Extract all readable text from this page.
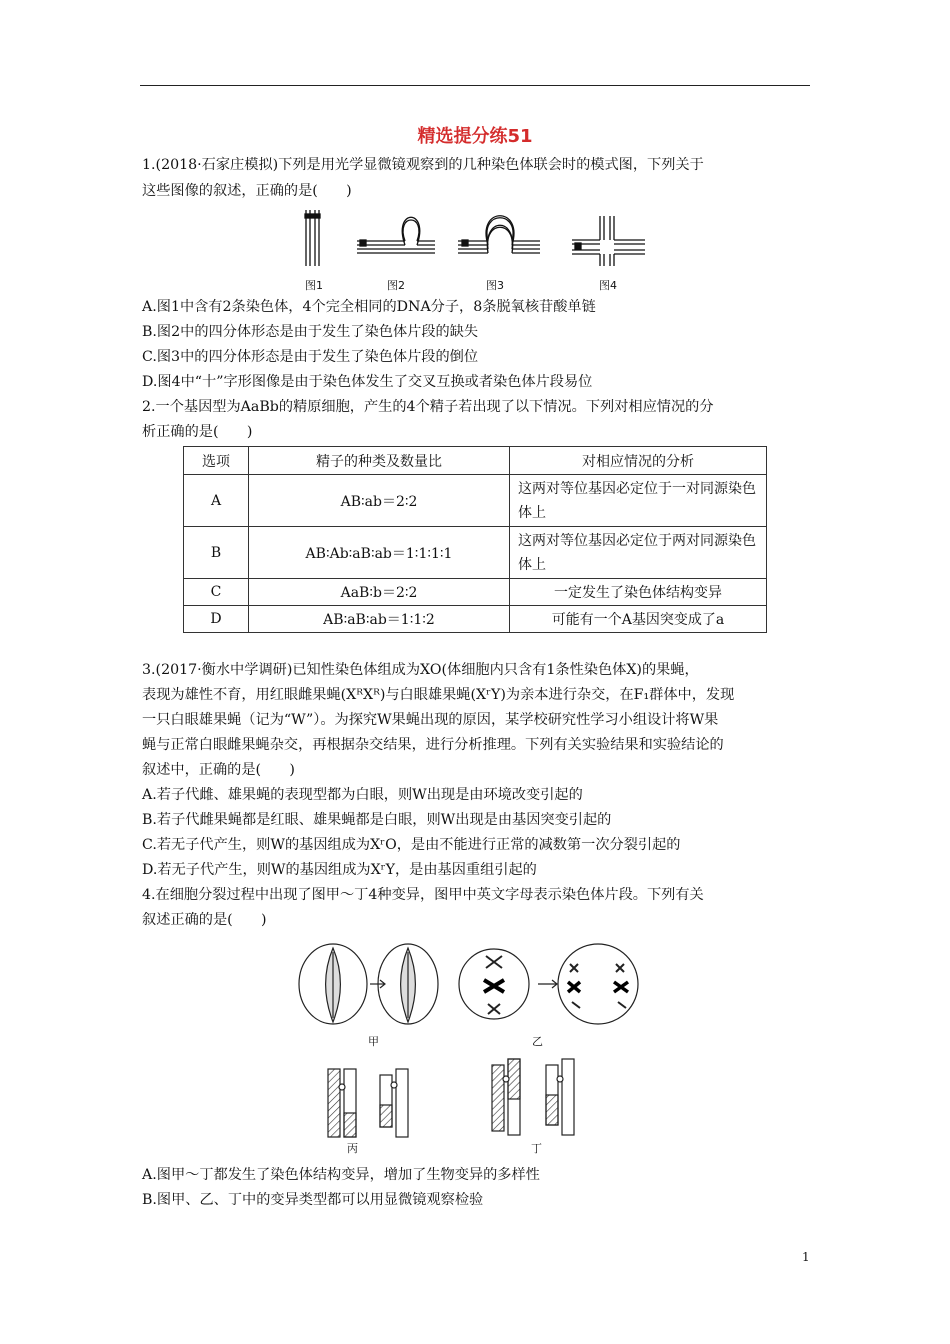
精选提分练51
1.(2018·石家庄模拟)下列是用光学显微镜观察到的几种染色体联会时的模式图，下列关于
这些图像的叙述，正确的是(　　)
图1	图2	图3	图4
A.图1中含有2条染色体，4个完全相同的DNA分子，8条脱氧核苷酸单链
B.图2中的四分体形态是由于发生了染色体片段的缺失
C.图3中的四分体形态是由于发生了染色体片段的倒位
D.图4中“十”字形图像是由于染色体发生了交叉互换或者染色体片段易位
2.一个基因型为AaBb的精原细胞，产生的4个精子若出现了以下情况。下列对相应情况的分
析正确的是(　　)
选项	精子的种类及数量比	对相应情况的分析
A	AB∶ab＝2∶2	这两对等位基因必定位于一对同源染色体上
B	AB∶Ab∶aB∶ab＝1∶1∶1∶1	这两对等位基因必定位于两对同源染色体上
C	AaB∶b＝2∶2	一定发生了染色体结构变异
D	AB∶aB∶ab＝1∶1∶2	可能有一个A基因突变成了a
3.(2017·衡水中学调研)已知性染色体组成为XO(体细胞内只含有1条性染色体X)的果蝇，
表现为雄性不育，用红眼雌果蝇(XᴿXᴿ)与白眼雄果蝇(XʳY)为亲本进行杂交，在F₁群体中，发现
一只白眼雄果蝇（记为“W”）。为探究W果蝇出现的原因，某学校研究性学习小组设计将W果
蝇与正常白眼雌果蝇杂交，再根据杂交结果，进行分析推理。下列有关实验结果和实验结论的
叙述中，正确的是(　　)
A.若子代雌、雄果蝇的表现型都为白眼，则W出现是由环境改变引起的
B.若子代雌果蝇都是红眼、雄果蝇都是白眼，则W出现是由基因突变引起的
C.若无子代产生，则W的基因组成为XʳO，是由不能进行正常的减数第一次分裂引起的
D.若无子代产生，则W的基因组成为XʳY，是由基因重组引起的
4.在细胞分裂过程中出现了图甲～丁4种变异，图甲中英文字母表示染色体片段。下列有关
叙述正确的是(　　)
甲	乙
丙	丁
A.图甲～丁都发生了染色体结构变异，增加了生物变异的多样性
B.图甲、乙、丁中的变异类型都可以用显微镜观察检验
1
